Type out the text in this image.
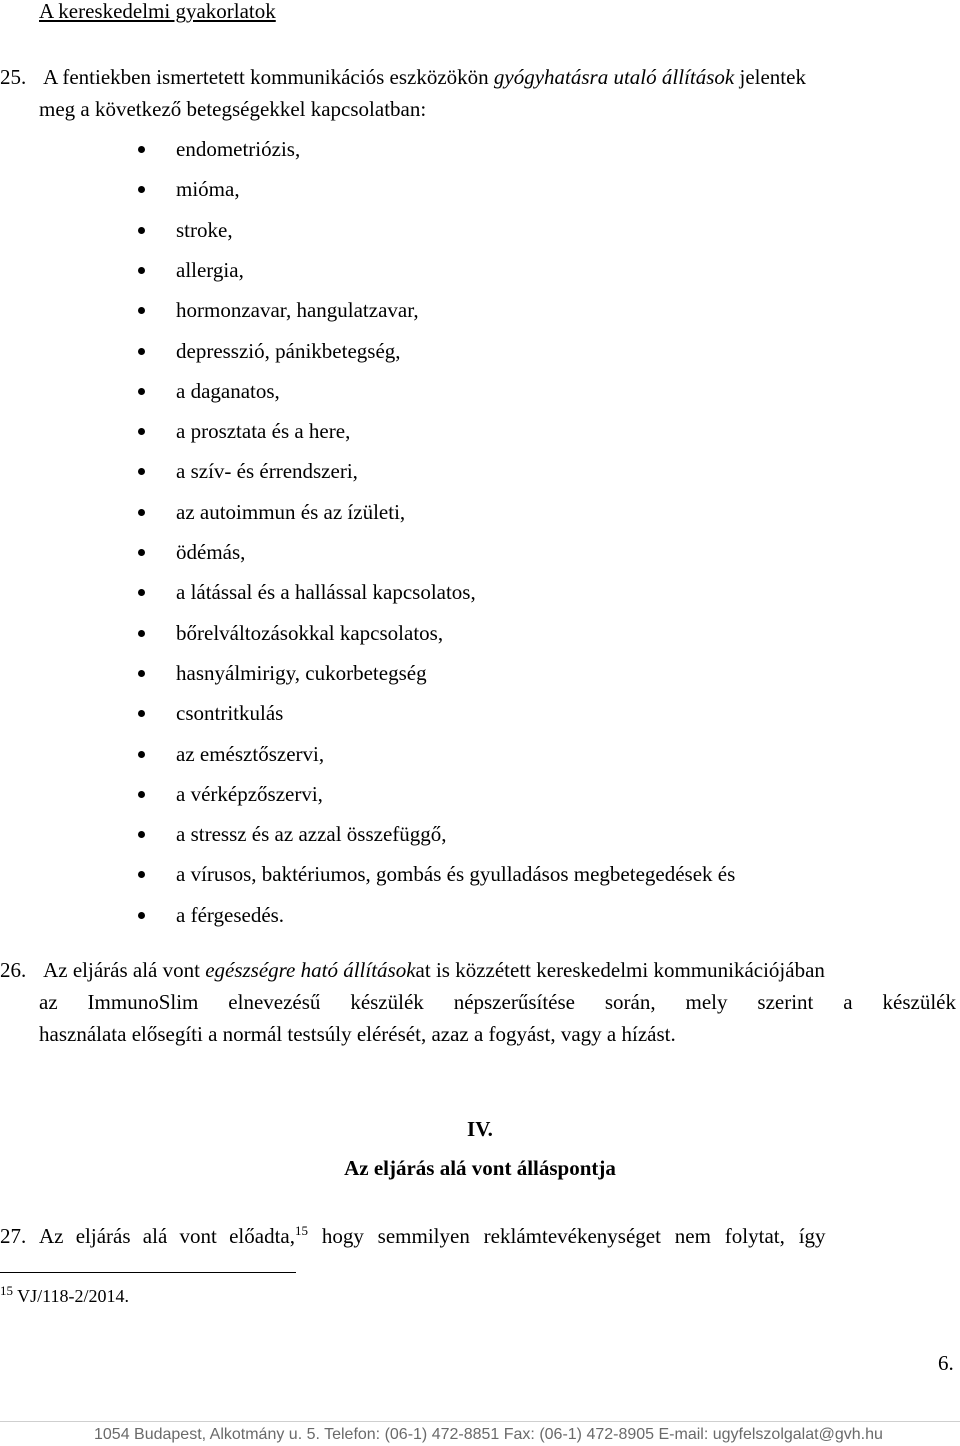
A kereskedelmi gyakorlatok
25. A fentiekben ismertetett kommunikációs eszközökön gyógyhatásra utaló állítások jelentek
meg a következő betegségekkel kapcsolatban:
endometriózis,
mióma,
stroke,
allergia,
hormonzavar, hangulatzavar,
depresszió, pánikbetegség,
a daganatos,
a prosztata és a here,
a szív- és érrendszeri,
az autoimmun és az ízületi,
ödémás,
a látással és a hallással kapcsolatos,
bőrelváltozásokkal kapcsolatos,
hasnyálmirigy, cukorbetegség
csontritkulás
az emésztőszervi,
a vérképzőszervi,
a stressz és az azzal összefüggő,
a vírusos, baktériumos, gombás és gyulladásos megbetegedések és
a férgesedés.
26. Az eljárás alá vont egészségre ható állításokat is közzétett kereskedelmi kommunikációjában
az ImmunoSlim elnevezésű készülék népszerűsítése során, mely szerint a készülék
használata elősegíti a normál testsúly elérését, azaz a fogyást, vagy a hízást.
IV.
Az eljárás alá vont álláspontja
27. Az eljárás alá vont előadta,$^{15}$ hogy semmilyen reklámtevékenységet nem folytat, így
$^{15}$ VJ/118-2/2014.
6.
1054 Budapest, Alkotmány u. 5. Telefon: (06-1) 472-8851 Fax: (06-1) 472-8905 E-mail: ugyfelszolgalat@gvh.hu
